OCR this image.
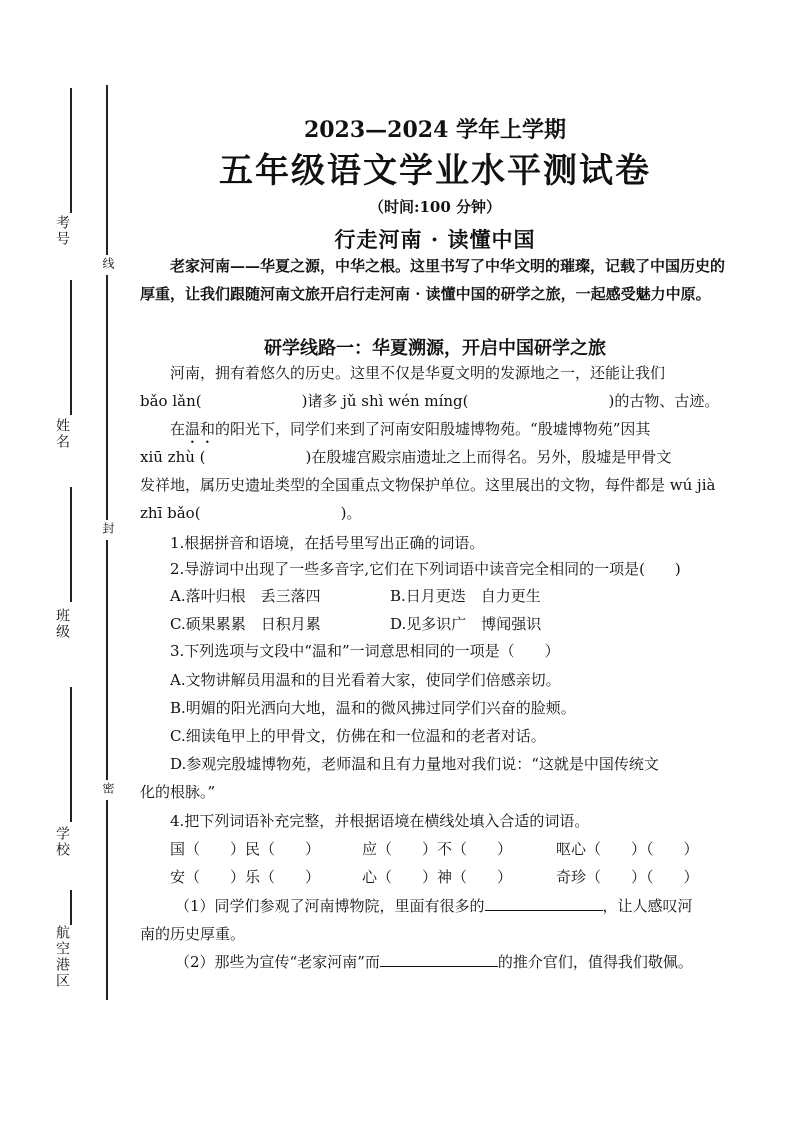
考号
姓名
班级
学校
航空港区
线
封
密
2023—2024 学年上学期
五年级语文学业水平测试卷
（时间:100 分钟）
行走河南 · 读懂中国
老家河南——华夏之源，中华之根。这里书写了中华文明的璀璨，记载了中国历史的厚重，让我们跟随河南文旅开启行走河南 · 读懂中国的研学之旅，一起感受魅力中原。
研学线路一：华夏溯源，开启中国研学之旅
河南，拥有着悠久的历史。这里不仅是华夏文明的发源地之一，还能让我们
bǎo lǎn(	)诸多 jǔ shì wén míng(	)的古物、古迹。
在温和的阳光下，同学们来到了河南安阳殷墟博物苑。“殷墟博物苑”因其
xiū zhù (	)在殷墟宫殿宗庙遗址之上而得名。另外，殷墟是甲骨文
发祥地，属历史遗址类型的全国重点文物保护单位。这里展出的文物，每件都是 wú jià
zhī bǎo(	)。
1.根据拼音和语境，在括号里写出正确的词语。
2.导游词中出现了一些多音字,它们在下列词语中读音完全相同的一项是(　　)
A.落叶归根　丢三落四	B.日月更迭　自力更生
C.硕果累累　日积月累	D.见多识广　博闻强识
3.下列选项与文段中“温和”一词意思相同的一项是（　　）
A.文物讲解员用温和的目光看着大家，使同学们倍感亲切。
B.明媚的阳光洒向大地，温和的微风拂过同学们兴奋的脸颊。
C.细读龟甲上的甲骨文，仿佛在和一位温和的老者对话。
D.参观完殷墟博物苑，老师温和且有力量地对我们说：“这就是中国传统文
化的根脉。”
4.把下列词语补充完整，并根据语境在横线处填入合适的词语。
国（　　）民（　　）	应（　　）不（　　）	呕心（　　）（　　）
安（　　）乐（　　）	心（　　）神（　　）	奇珍（　　）（　　）
（1）同学们参观了河南博物院，里面有很多的	，让人感叹河
南的历史厚重。
（2）那些为宣传“老家河南”而	的推介官们，值得我们敬佩。
